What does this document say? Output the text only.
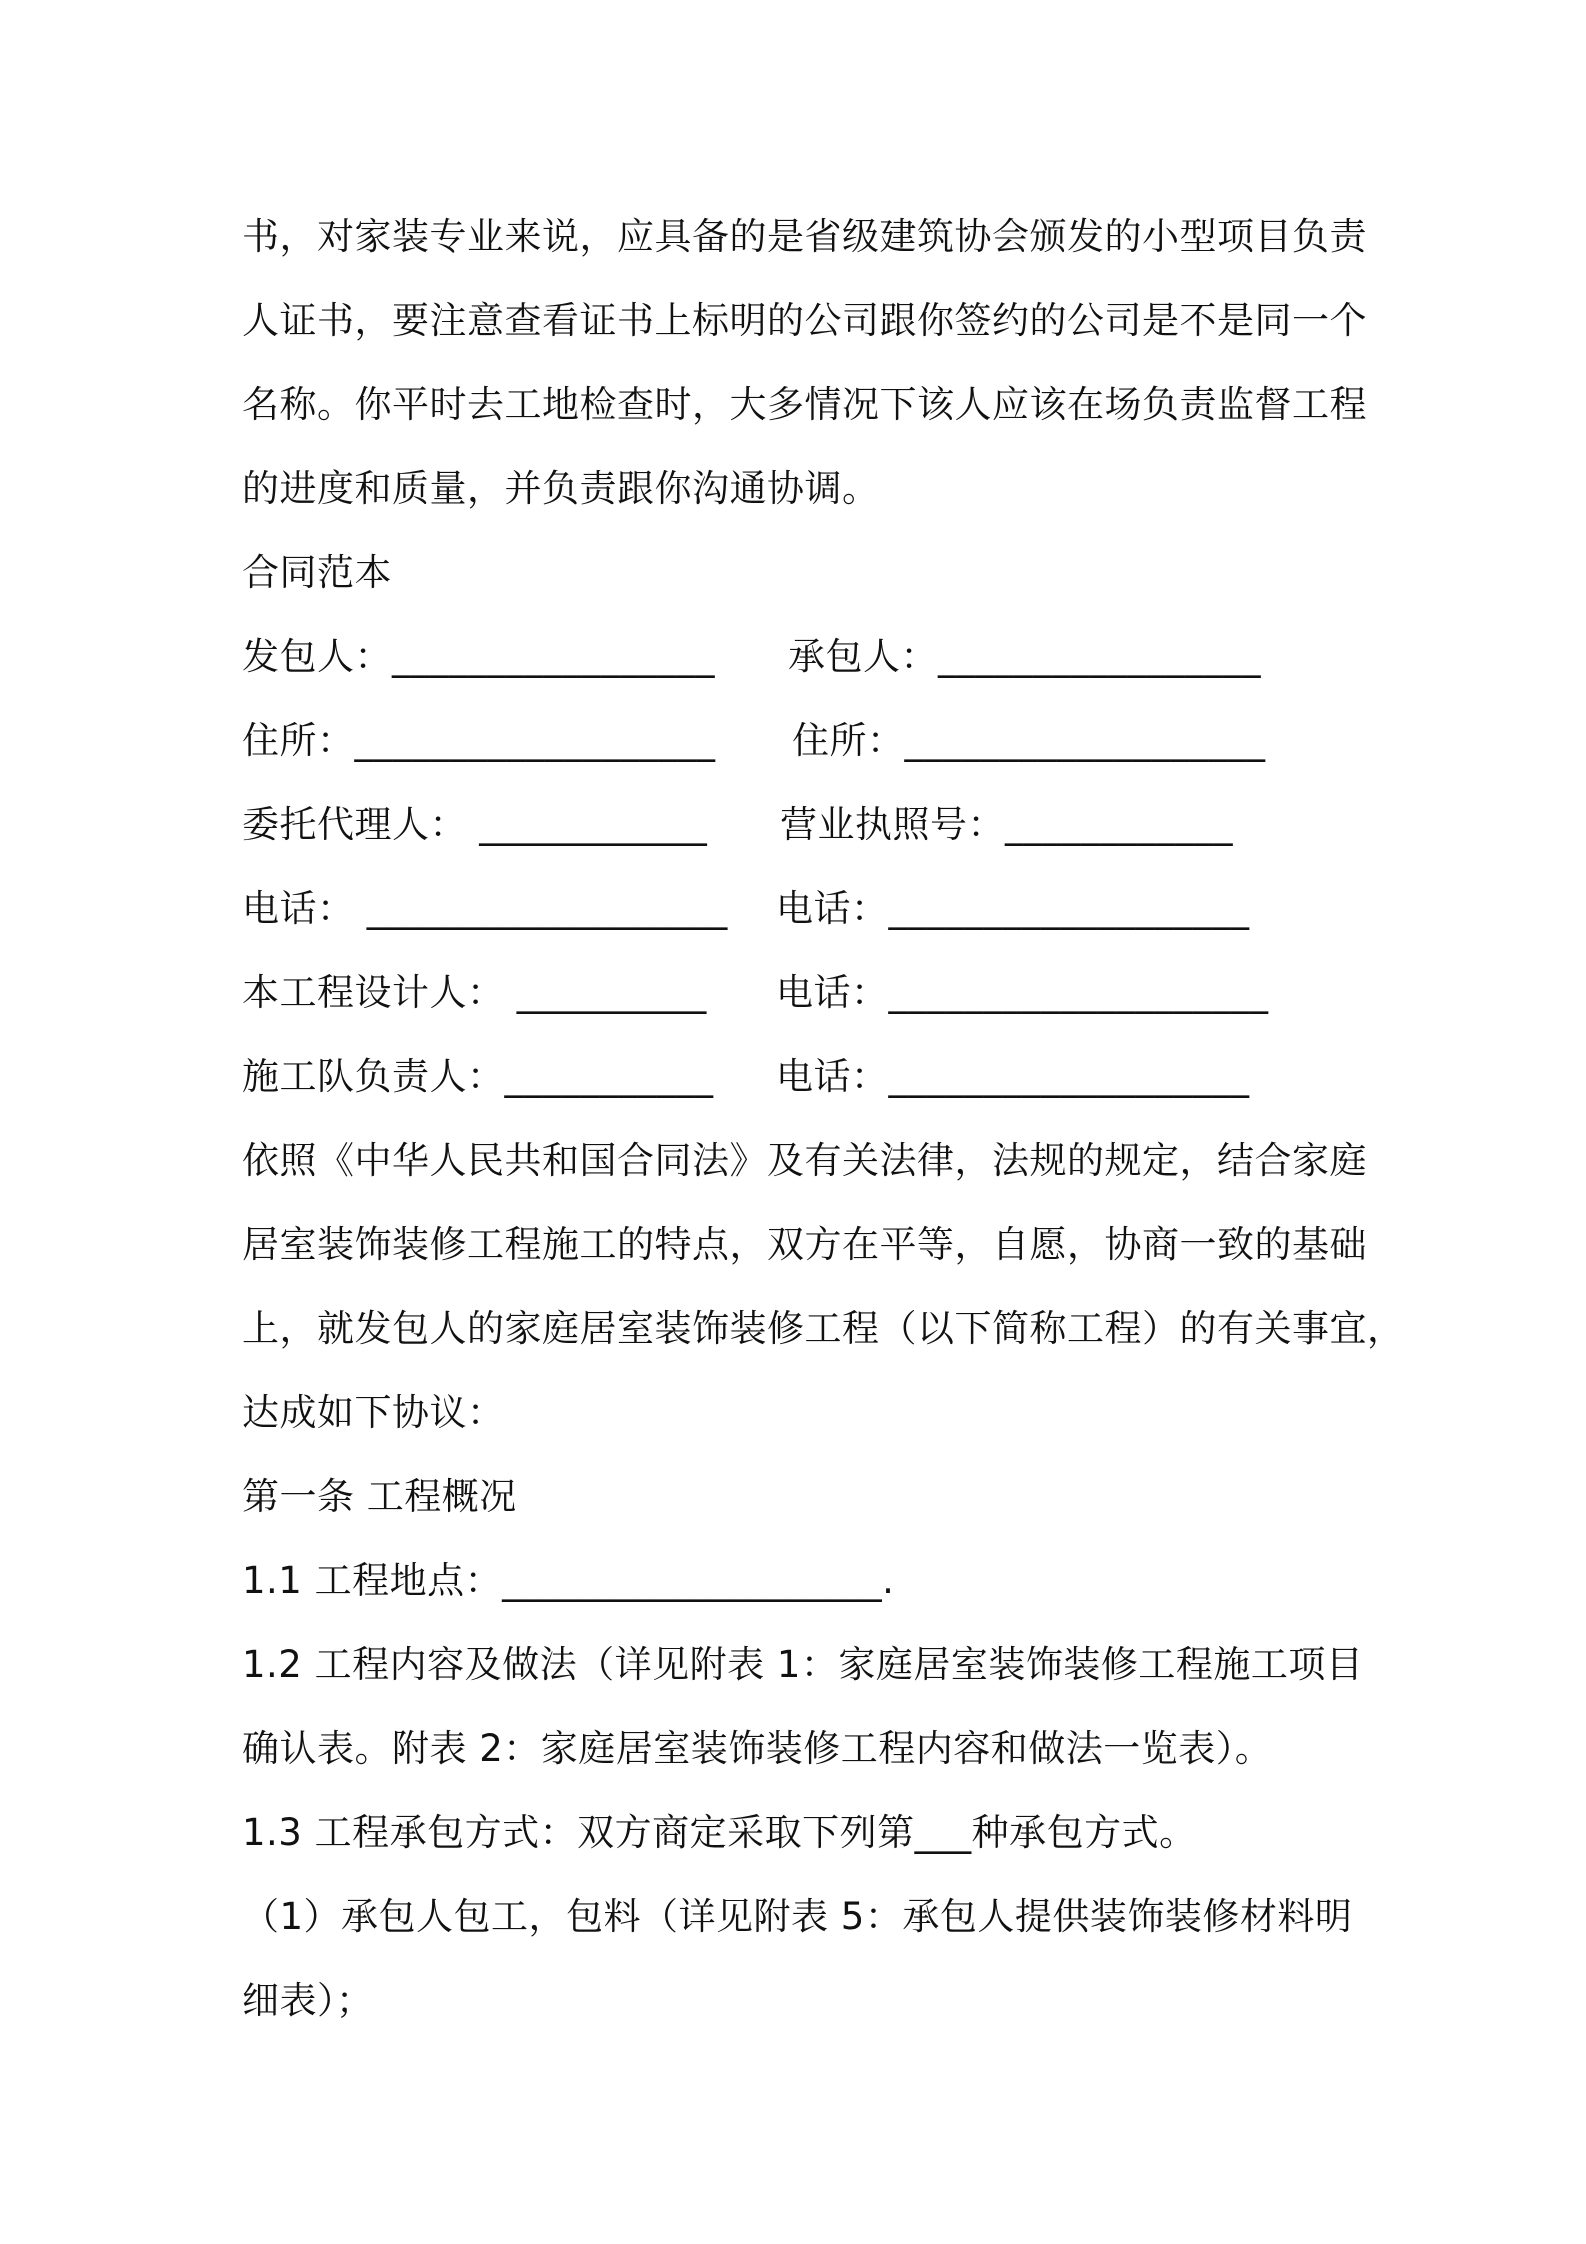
书，对家装专业来说，应具备的是省级建筑协会颁发的小型项目负责
人证书，要注意查看证书上标明的公司跟你签约的公司是不是同一个
名称。你平时去工地检查时，大多情况下该人应该在场负责监督工程
的进度和质量，并负责跟你沟通协调。
合同范本
发包人：_________________ 承包人：_________________
住所：___________________ 住所：___________________
委托代理人： ____________ 营业执照号：____________
电话： ___________________ 电话：___________________
本工程设计人： __________ 电话：____________________
施工队负责人：___________ 电话：___________________
依照《中华人民共和国合同法》及有关法律，法规的规定，结合家庭
居室装饰装修工程施工的特点，双方在平等，自愿，协商一致的基础
上，就发包人的家庭居室装饰装修工程（以下简称工程）的有关事宜，
达成如下协议：
第一条 工程概况
1.1 工程地点：____________________.
1.2 工程内容及做法（详见附表 1：家庭居室装饰装修工程施工项目
确认表。附表 2：家庭居室装饰装修工程内容和做法一览表）。
1.3 工程承包方式：双方商定采取下列第___种承包方式。
（1）承包人包工，包料（详见附表 5：承包人提供装饰装修材料明
细表）；
